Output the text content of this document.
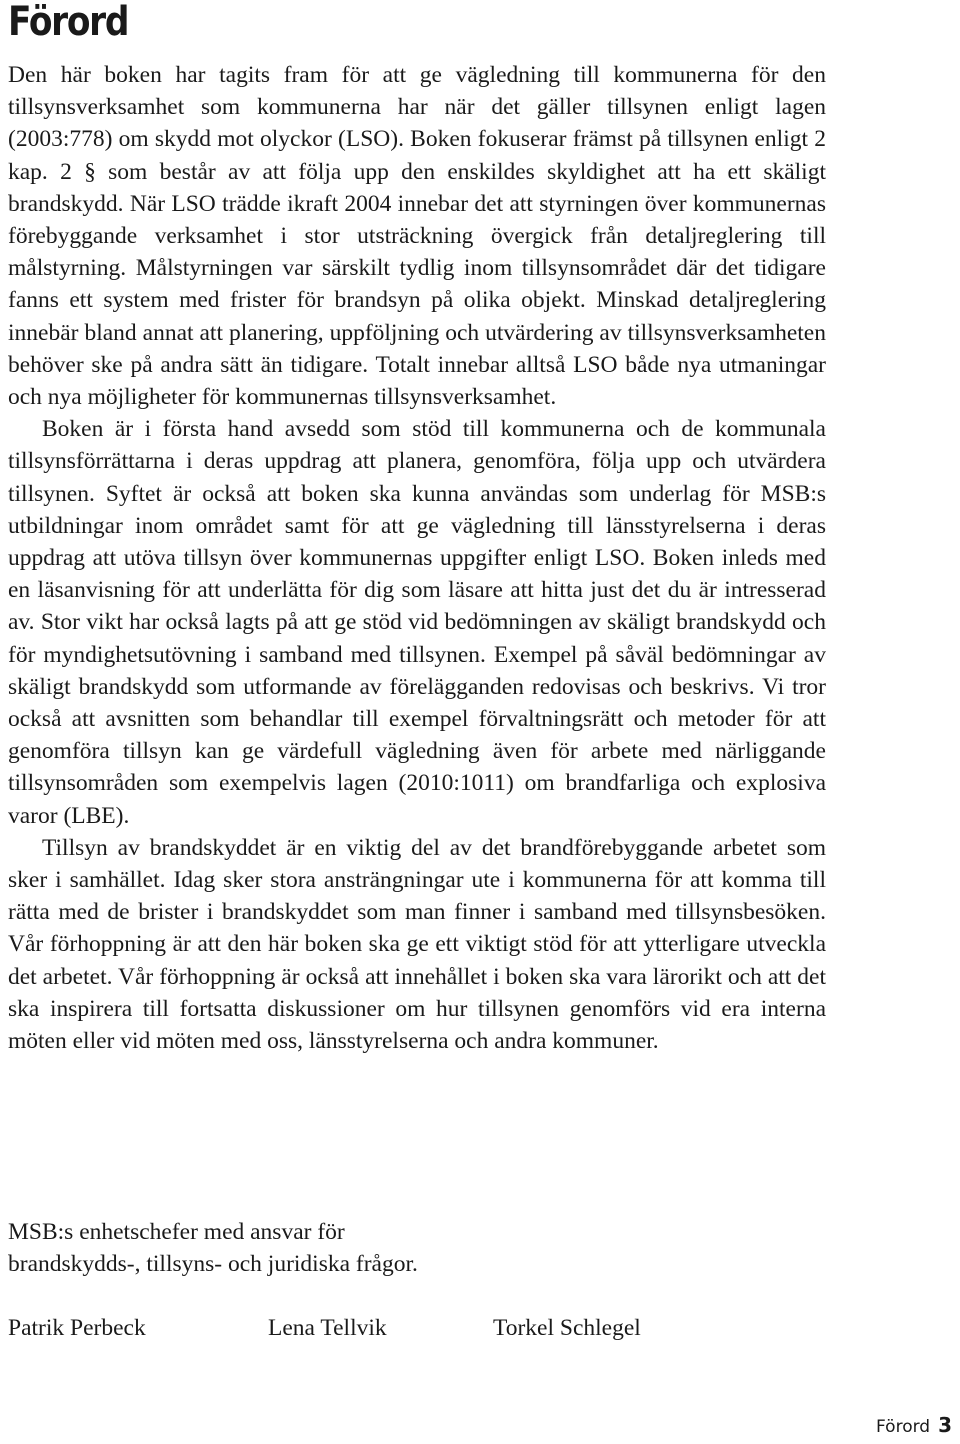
Förord

Den här boken har tagits fram för att ge vägledning till kommunerna för den tillsynsverksamhet som kommunerna har när det gäller tillsynen enligt lagen (2003:778) om skydd mot olyckor (LSO). Boken fokuserar främst på tillsynen enligt 2 kap. 2 § som består av att följa upp den enskildes skyldighet att ha ett skäligt brandskydd. När LSO trädde ikraft 2004 innebar det att styrningen över kommunernas förebyggande verksamhet i stor utsträckning övergick från detaljreglering till målstyrning. Målstyrningen var särskilt tydlig inom tillsynsområdet där det tidigare fanns ett system med frister för brandsyn på olika objekt. Minskad detaljreglering innebär bland annat att planering, uppföljning och utvärdering av tillsynsverksamheten behöver ske på andra sätt än tidigare. Totalt innebar alltså LSO både nya utmaningar och nya möjligheter för kommunernas tillsynsverksamhet.

Boken är i första hand avsedd som stöd till kommunerna och de kommunala tillsynsförrättarna i deras uppdrag att planera, genomföra, följa upp och utvärdera tillsynen. Syftet är också att boken ska kunna användas som underlag för MSB:s utbildningar inom området samt för att ge vägledning till länsstyrelserna i deras uppdrag att utöva tillsyn över kommunernas uppgifter enligt LSO. Boken inleds med en läsanvisning för att underlätta för dig som läsare att hitta just det du är intresserad av. Stor vikt har också lagts på att ge stöd vid bedömningen av skäligt brandskydd och för myndighetsutövning i samband med tillsynen. Exempel på såväl bedömningar av skäligt brandskydd som utformande av förelägganden redovisas och beskrivs. Vi tror också att avsnitten som behandlar till exempel förvaltningsrätt och metoder för att genomföra tillsyn kan ge värdefull vägledning även för arbete med närliggande tillsynsområden som exempelvis lagen (2010:1011) om brandfarliga och explosiva varor (LBE).

Tillsyn av brandskyddet är en viktig del av det brandförebyggande arbetet som sker i samhället. Idag sker stora ansträngningar ute i kommunerna för att komma till rätta med de brister i brandskyddet som man finner i samband med tillsynsbesöken. Vår förhoppning är att den här boken ska ge ett viktigt stöd för att ytterligare utveckla det arbetet. Vår förhoppning är också att innehållet i boken ska vara lärorikt och att det ska inspirera till fortsatta diskussioner om hur tillsynen genomförs vid era interna möten eller vid möten med oss, länsstyrelserna och andra kommuner.

MSB:s enhetschefer med ansvar för
brandskydds-, tillsyns- och juridiska frågor.
Patrik Perbeck	Lena Tellvik	Torkel Schlegel
Förord 3
